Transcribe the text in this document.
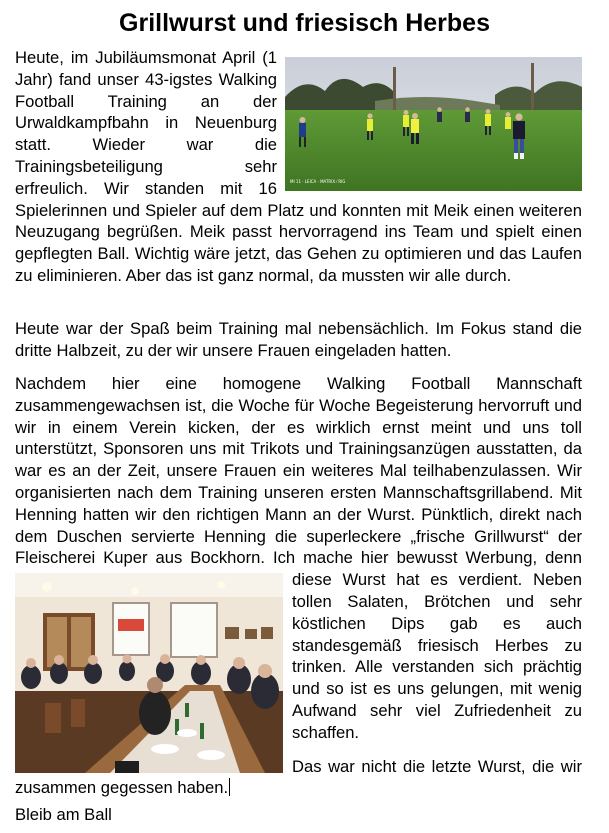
Grillwurst und friesisch Herbes
MI 11 · LEICA · MATRIX ⁄ RIG
Heute, im Jubiläumsmonat April (1 Jahr) fand unser 43-igstes Walking Football Training an der Urwaldkampfbahn in Neuenburg statt. Wieder war die Trainingsbeteiligung sehr erfreulich. Wir standen mit 16 Spielerinnen und Spieler auf dem Platz und konnten mit Meik einen weiteren Neuzugang begrüßen. Meik passt hervorragend ins Team und spielt einen gepflegten Ball. Wichtig wäre jetzt, das Gehen zu optimieren und das Laufen zu eliminieren. Aber das ist ganz normal, da mussten wir alle durch.

Heute war der Spaß beim Training mal nebensächlich. Im Fokus stand die dritte Halbzeit, zu der wir unsere Frauen eingeladen hatten.

Nachdem hier eine homogene Walking Football Mannschaft zusammengewachsen ist, die Woche für Woche Begeisterung hervorruft und wir in einem Verein kicken, der es wirklich ernst meint und uns toll unterstützt, Sponsoren uns mit Trikots und Trainingsanzügen ausstatten, da war es an der Zeit, unsere Frauen ein weiteres Mal teilhabenzulassen. Wir organisierten nach dem Training unseren ersten Mannschaftsgrillabend. Mit Henning hatten wir den richtigen Mann an der Wurst. Pünktlich, direkt nach dem Duschen servierte Henning die superleckere „frische Grillwurst“ der Fleischerei Kuper aus Bockhorn. Ich mache hier bewusst Werbung, denn diese Wurst hat es verdient. Neben
tollen Salaten, Brötchen und sehr köstlichen Dips gab es auch standesgemäß friesisch Herbes zu trinken. Alle verstanden sich prächtig und so ist es uns gelungen, mit wenig Aufwand sehr viel Zufriedenheit zu schaffen.
Das war nicht die letzte Wurst, die wir zusammen gegessen haben.
Bleib am Ball
